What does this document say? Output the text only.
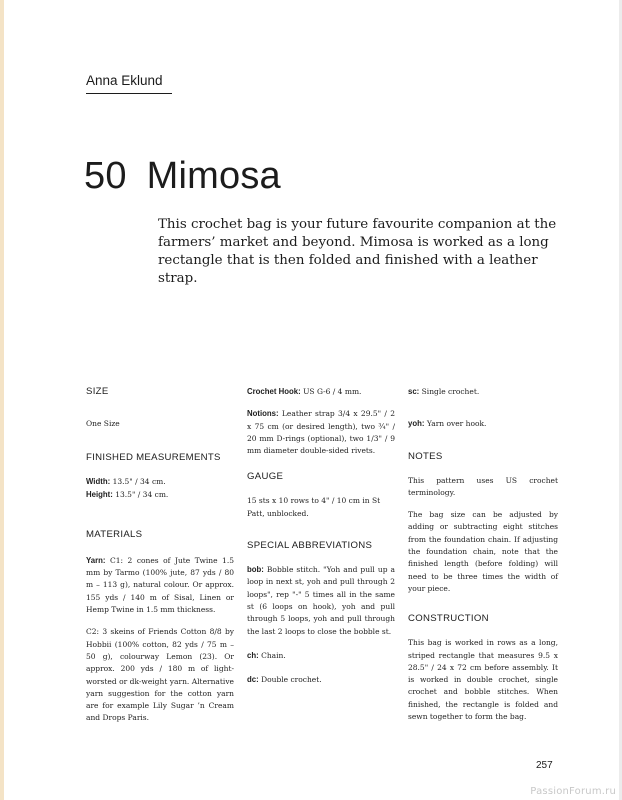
Anna Eklund
50 Mimosa

This crochet bag is your future favourite companion at the farmers’ market and beyond. Mimosa is worked as a long rectangle that is then folded and finished with a leather strap.

SIZE

One Size

FINISHED MEASUREMENTS

Width: 13.5" / 34 cm.

Height: 13.5" / 34 cm.

MATERIALS

Yarn: C1: 2 cones of Jute Twine 1.5 mm by Tarmo (100% jute, 87 yds / 80 m – 113 g), natural colour. Or approx. 155 yds / 140 m of Sisal, Linen or Hemp Twine in 1.5 mm thickness.

C2: 3 skeins of Friends Cotton 8/8 by Hobbii (100% cotton, 82 yds / 75 m – 50 g), colourway Lemon (23). Or approx. 200 yds / 180 m of light-worsted or dk-weight yarn. Alternative yarn suggestion for the cotton yarn are for example Lily Sugar ’n Cream and Drops Paris.

Crochet Hook: US G-6 / 4 mm.

Notions: Leather strap 3/4 x 29.5" / 2 x 75 cm (or desired length), two ¾" / 20 mm D-rings (optional), two 1/3" / 9 mm diameter double-sided rivets.

GAUGE

15 sts x 10 rows to 4" / 10 cm in St Patt, unblocked.

SPECIAL ABBREVIATIONS

bob: Bobble stitch. "Yoh and pull up a loop in next st, yoh and pull through 2 loops", rep "-" 5 times all in the same st (6 loops on hook), yoh and pull through 5 loops, yoh and pull through the last 2 loops to close the bobble st.

ch: Chain.

dc: Double crochet.

sc: Single crochet.

yoh: Yarn over hook.

NOTES

This pattern uses US crochet terminology.

The bag size can be adjusted by adding or subtracting eight stitches from the foundation chain. If adjusting the foundation chain, note that the finished length (before folding) will need to be three times the width of your piece.

CONSTRUCTION

This bag is worked in rows as a long, striped rectangle that measures 9.5 x 28.5" / 24 x 72 cm before assembly. It is worked in double crochet, single crochet and bobble stitches. When finished, the rectangle is folded and sewn together to form the bag.

257
PassionForum.ru
